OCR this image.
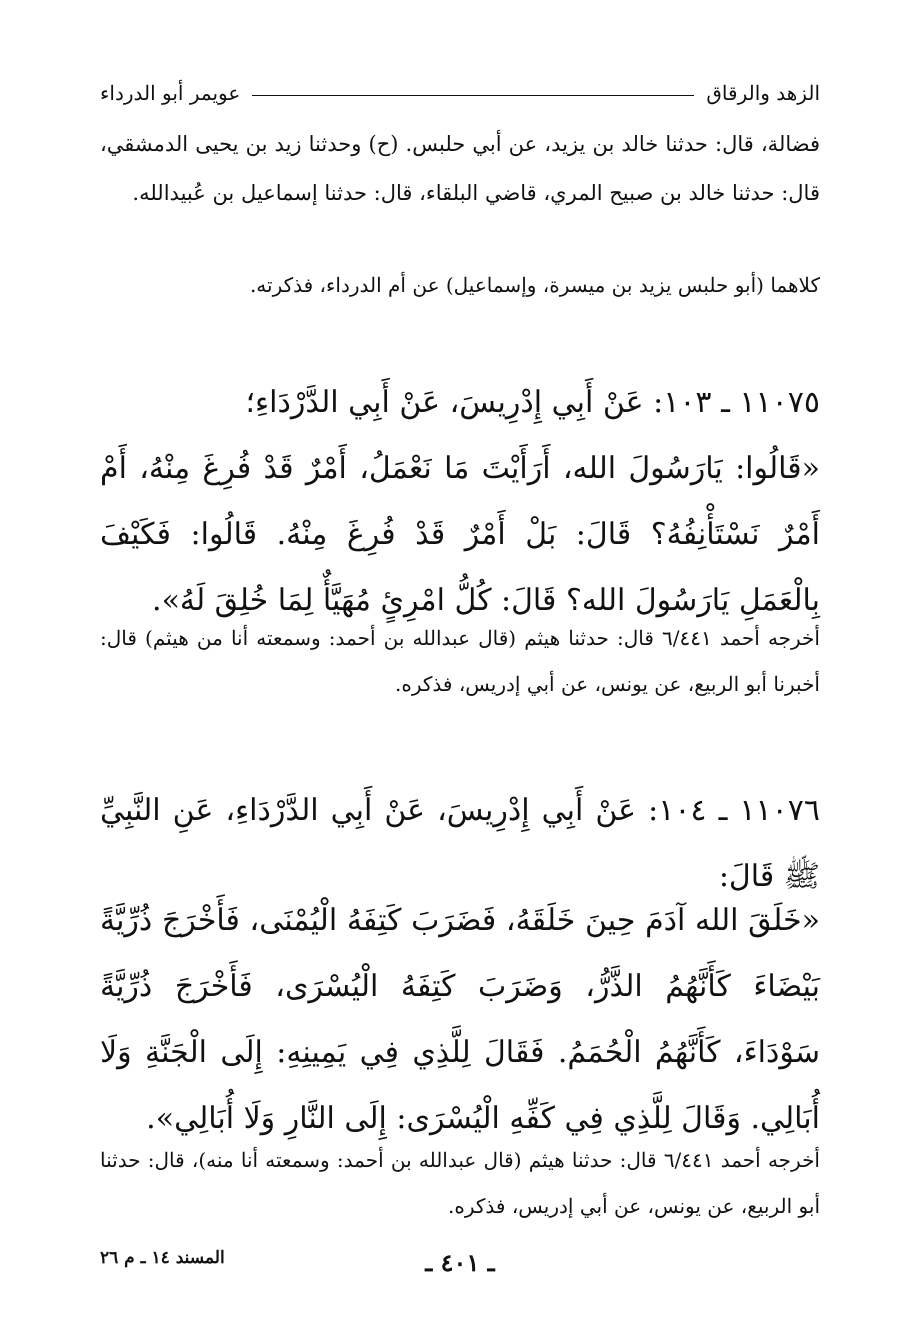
الزهد والرقاق
عويمر أبو الدرداء
فضالة، قال: حدثنا خالد بن يزيد، عن أبي حلبس. (ح) وحدثنا زيد بن يحيى الدمشقي، قال: حدثنا خالد بن صبيح المري، قاضي البلقاء، قال: حدثنا إسماعيل بن عُبيدالله.
كلاهما (أبو حلبس يزيد بن ميسرة، وإسماعيل) عن أم الدرداء، فذكرته.
١١٠٧٥ ـ ١٠٣: عَنْ أَبِي إِدْرِيسَ، عَنْ أَبِي الدَّرْدَاءِ؛
«قَالُوا: يَارَسُولَ الله، أَرَأَيْتَ مَا نَعْمَلُ، أَمْرٌ قَدْ فُرِغَ مِنْهُ، أَمْ أَمْرٌ نَسْتَأْنِفُهُ؟ قَالَ: بَلْ أَمْرٌ قَدْ فُرِغَ مِنْهُ. قَالُوا: فَكَيْفَ بِالْعَمَلِ يَارَسُولَ الله؟ قَالَ: كُلُّ امْرِئٍ مُهَيَّأٌ لِمَا خُلِقَ لَهُ».
أخرجه أحمد ٦/٤٤١ قال: حدثنا هيثم (قال عبدالله بن أحمد: وسمعته أنا من هيثم) قال: أخبرنا أبو الربيع، عن يونس، عن أبي إدريس، فذكره.
١١٠٧٦ ـ ١٠٤: عَنْ أَبِي إِدْرِيسَ، عَنْ أَبِي الدَّرْدَاءِ، عَنِ النَّبِيِّ ﷺ قَالَ:
«خَلَقَ الله آدَمَ حِينَ خَلَقَهُ، فَضَرَبَ كَتِفَهُ الْيُمْنَى، فَأَخْرَجَ ذُرِّيَّةً بَيْضَاءَ كَأَنَّهُمُ الذَّرُّ، وَضَرَبَ كَتِفَهُ الْيُسْرَى، فَأَخْرَجَ ذُرِّيَّةً سَوْدَاءَ، كَأَنَّهُمُ الْحُمَمُ. فَقَالَ لِلَّذِي فِي يَمِينِهِ: إِلَى الْجَنَّةِ وَلَا أُبَالِي. وَقَالَ لِلَّذِي فِي كَفِّهِ الْيُسْرَى: إِلَى النَّارِ وَلَا أُبَالِي».
أخرجه أحمد ٦/٤٤١ قال: حدثنا هيثم (قال عبدالله بن أحمد: وسمعته أنا منه)، قال: حدثنا أبو الربيع، عن يونس، عن أبي إدريس، فذكره.
ـ ٤٠١ ـ
المسند ١٤ ـ م ٢٦
